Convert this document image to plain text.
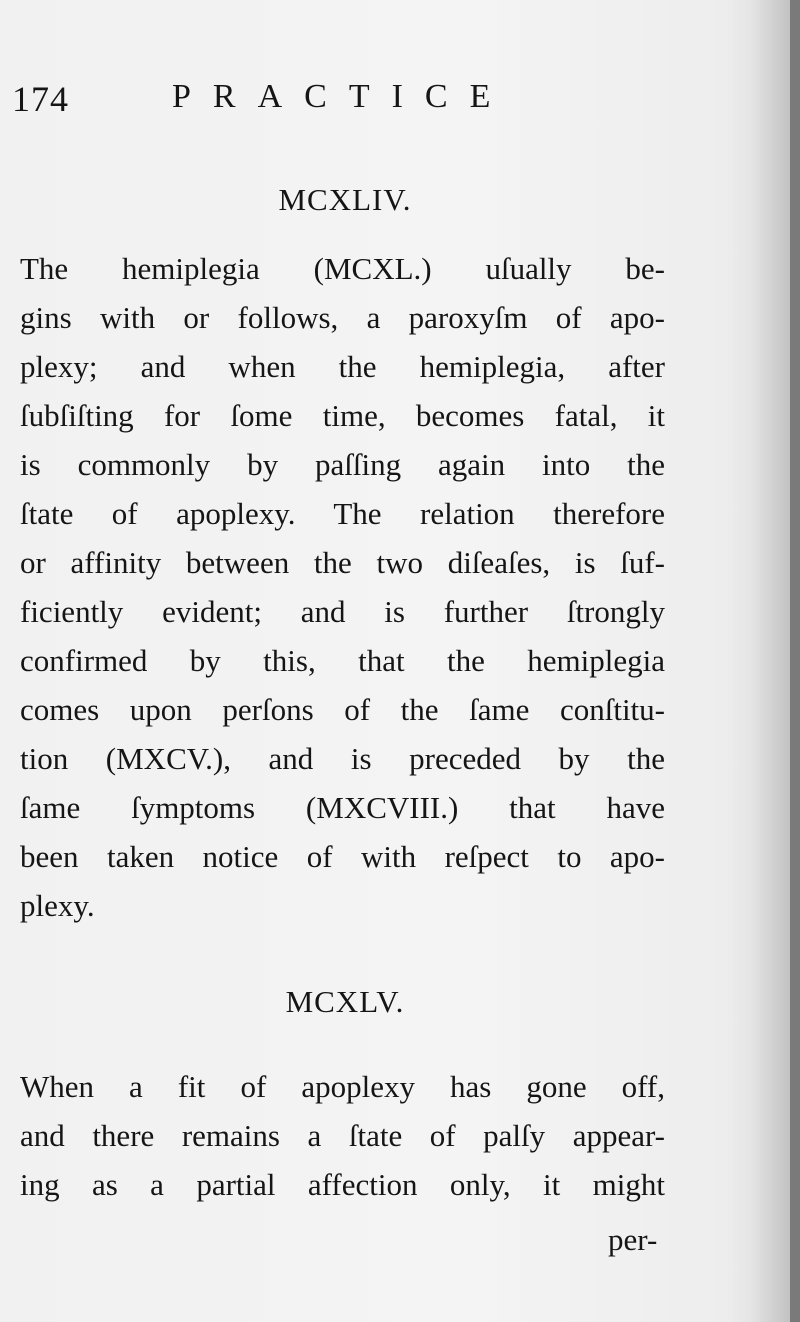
174	PRACTICE
MCXLIV.
The hemiplegia (MCXL.) uſually be-
gins with or follows, a paroxyſm of apo-
plexy; and when the hemiplegia, after
ſubſiſting for ſome time, becomes fatal, it
is commonly by paſſing again into the
ſtate of apoplexy. The relation therefore
or affinity between the two diſeaſes, is ſuf-
ficiently evident; and is further ſtrongly
confirmed by this, that the hemiplegia
comes upon perſons of the ſame conſtitu-
tion (MXCV.), and is preceded by the
ſame ſymptoms (MXCVIII.) that have
been taken notice of with reſpect to apo-
plexy.
MCXLV.
When a fit of apoplexy has gone off,
and there remains a ſtate of palſy appear-
ing as a partial affection only, it might
per-
